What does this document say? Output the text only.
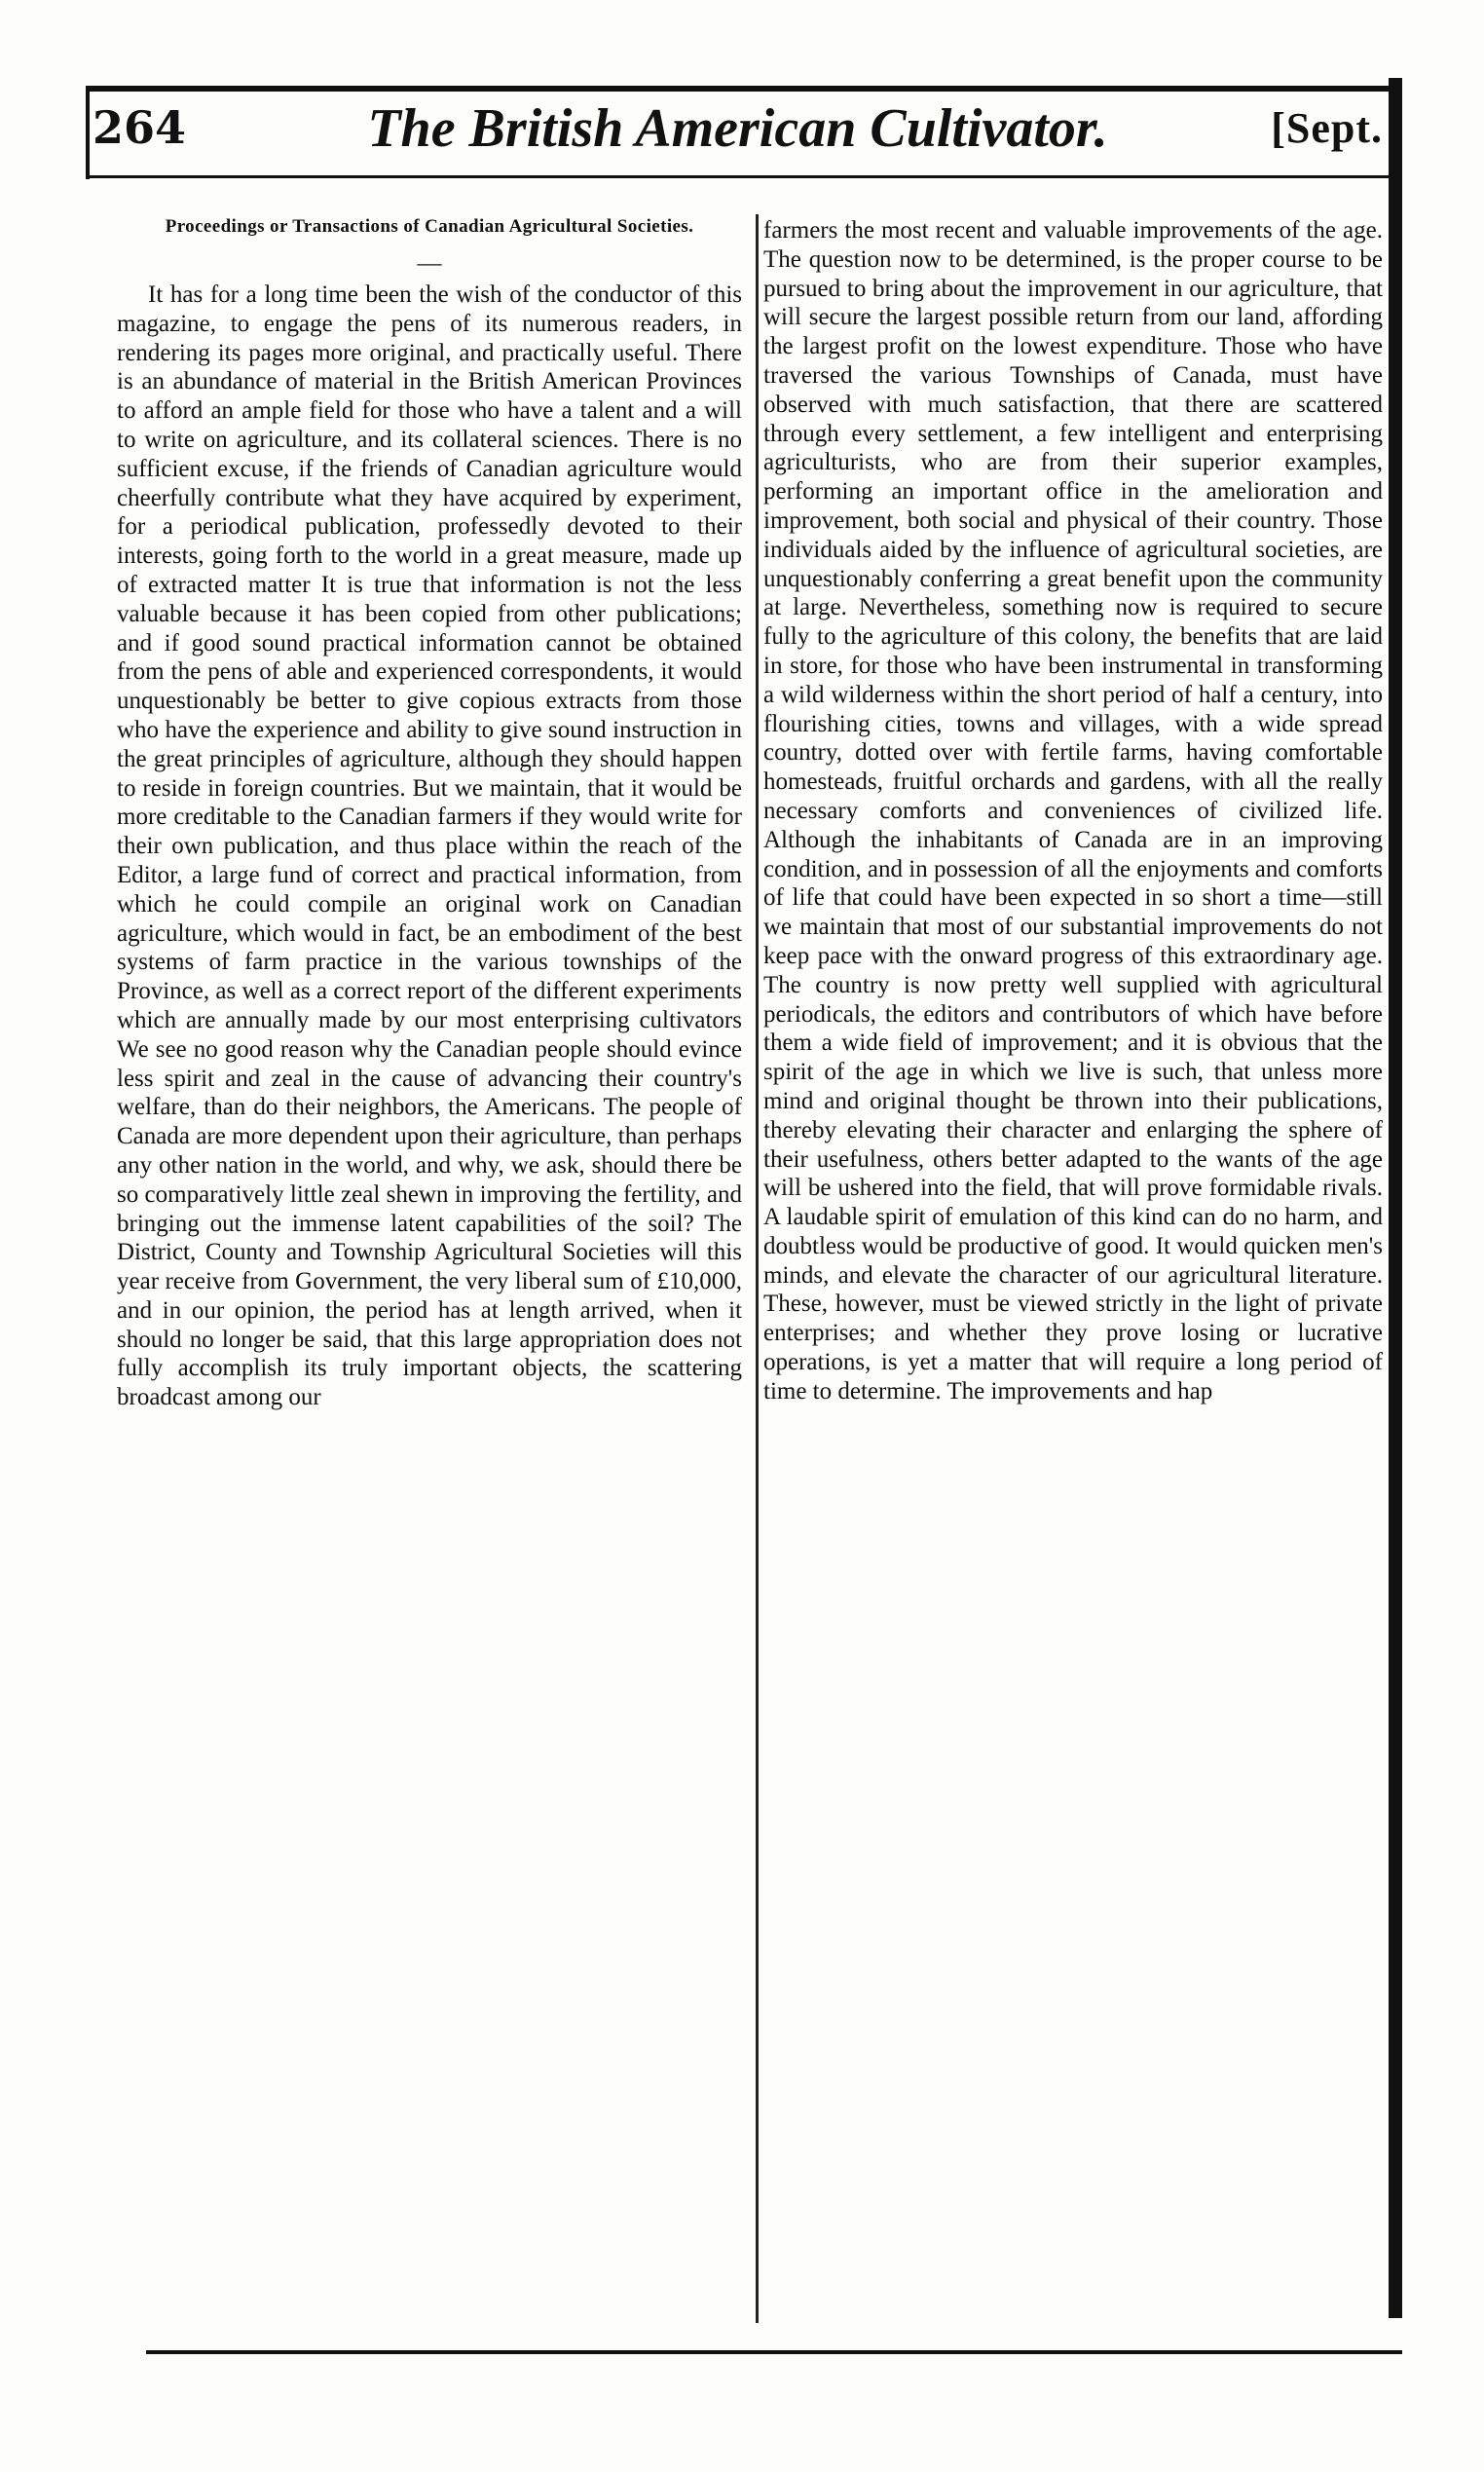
264	The British American Cultivator.	[Sept.
Proceedings or Transactions of Canadian Agricultural Societies.
—

It has for a long time been the wish of the conductor of this magazine, to engage the pens of its numerous readers, in rendering its pages more original, and practically useful. There is an abundance of material in the British American Provinces to afford an ample field for those who have a talent and a will to write on agriculture, and its collateral sciences. There is no sufficient excuse, if the friends of Canadian agriculture would cheerfully contribute what they have acquired by experiment, for a periodical publication, professedly devoted to their interests, going forth to the world in a great measure, made up of extracted matter It is true that information is not the less valuable because it has been copied from other publications; and if good sound practical information cannot be obtained from the pens of able and experienced correspondents, it would unquestionably be better to give copious extracts from those who have the experience and ability to give sound instruction in the great principles of agriculture, although they should happen to reside in foreign countries. But we maintain, that it would be more creditable to the Canadian farmers if they would write for their own publication, and thus place within the reach of the Editor, a large fund of correct and practical information, from which he could compile an original work on Canadian agriculture, which would in fact, be an embodiment of the best systems of farm practice in the various townships of the Province, as well as a correct report of the different experiments which are annually made by our most enterprising cultivators We see no good reason why the Canadian people should evince less spirit and zeal in the cause of advancing their country's welfare, than do their neighbors, the Americans. The people of Canada are more dependent upon their agriculture, than perhaps any other nation in the world, and why, we ask, should there be so comparatively little zeal shewn in improving the fertility, and bringing out the immense latent capabilities of the soil? The District, County and Township Agricultural Societies will this year receive from Government, the very liberal sum of £10,000, and in our opinion, the period has at length arrived, when it should no longer be said, that this large appropriation does not fully accomplish its truly important objects, the scattering broadcast among our

farmers the most recent and valuable improvements of the age. The question now to be determined, is the proper course to be pursued to bring about the improvement in our agriculture, that will secure the largest possible return from our land, affording the largest profit on the lowest expenditure. Those who have traversed the various Townships of Canada, must have observed with much satisfaction, that there are scattered through every settlement, a few intelligent and enterprising agriculturists, who are from their superior examples, performing an important office in the amelioration and improvement, both social and physical of their country. Those individuals aided by the influence of agricultural societies, are unquestionably conferring a great benefit upon the community at large. Nevertheless, something now is required to secure fully to the agriculture of this colony, the benefits that are laid in store, for those who have been instrumental in transforming a wild wilderness within the short period of half a century, into flourishing cities, towns and villages, with a wide spread country, dotted over with fertile farms, having comfortable homesteads, fruitful orchards and gardens, with all the really necessary comforts and conveniences of civilized life. Although the inhabitants of Canada are in an improving condition, and in possession of all the enjoyments and comforts of life that could have been expected in so short a time—still we maintain that most of our substantial improvements do not keep pace with the onward progress of this extraordinary age. The country is now pretty well supplied with agricultural periodicals, the editors and contributors of which have before them a wide field of improvement; and it is obvious that the spirit of the age in which we live is such, that unless more mind and original thought be thrown into their publications, thereby elevating their character and enlarging the sphere of their usefulness, others better adapted to the wants of the age will be ushered into the field, that will prove formidable rivals. A laudable spirit of emulation of this kind can do no harm, and doubtless would be productive of good. It would quicken men's minds, and elevate the character of our agricultural literature. These, however, must be viewed strictly in the light of private enterprises; and whether they prove losing or lucrative operations, is yet a matter that will require a long period of time to determine. The improvements and hap
